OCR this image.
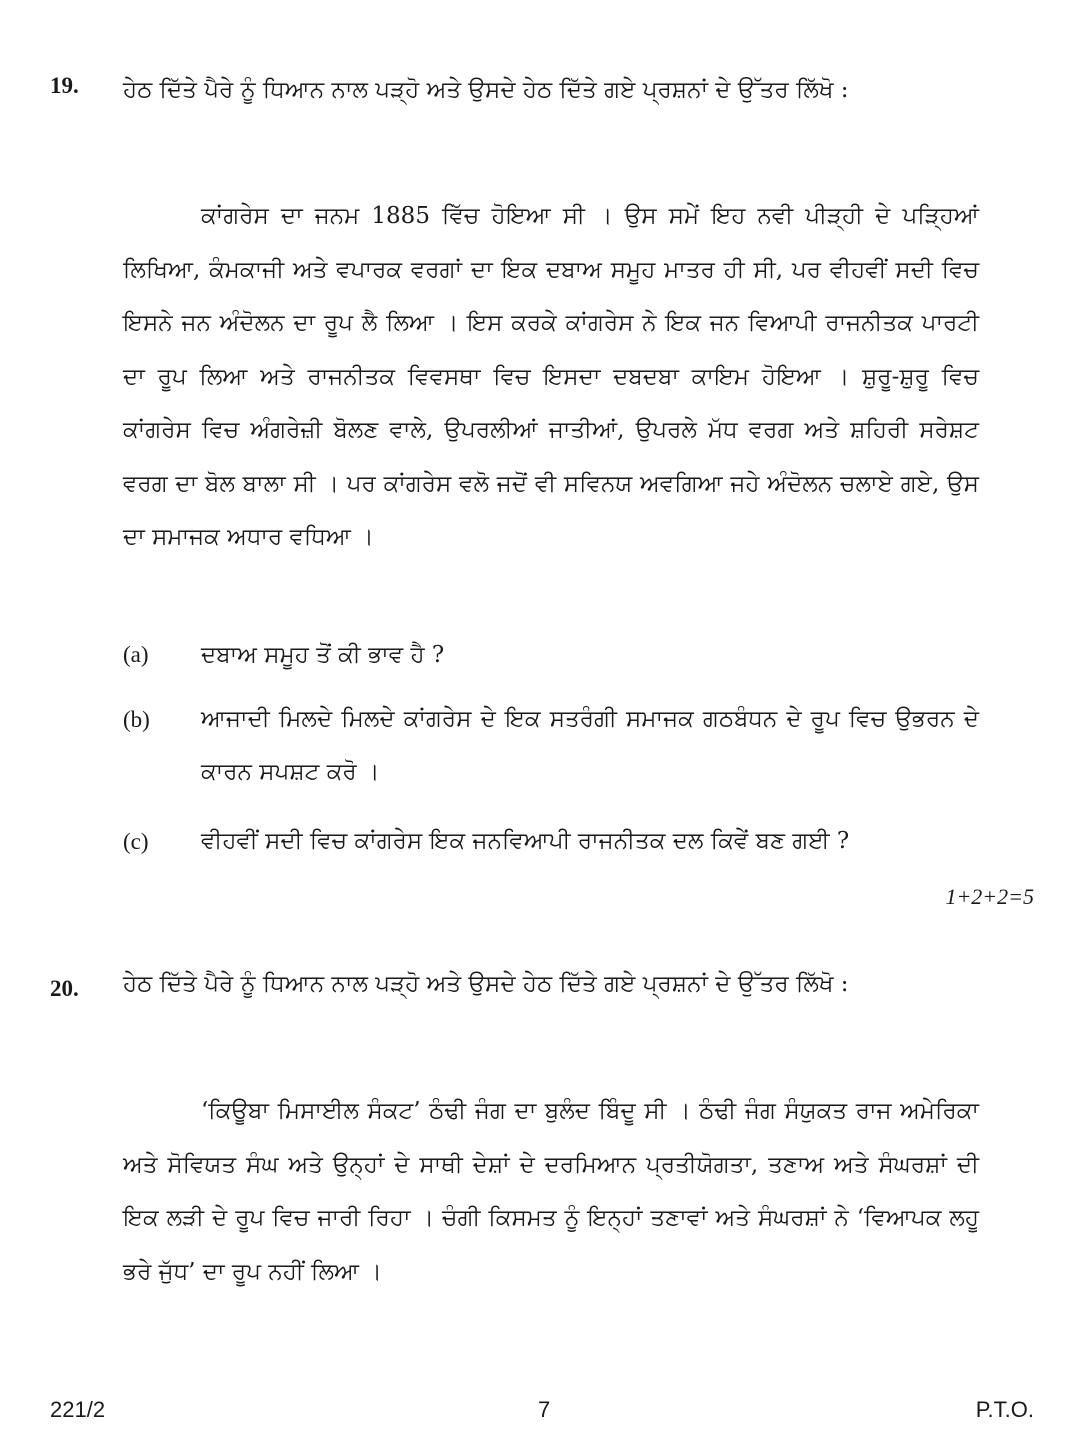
19. ਹੇਠ ਦਿੱਤੇ ਪੈਰੇ ਨੂੰ ਧਿਆਨ ਨਾਲ ਪੜ੍ਹੋ ਅਤੇ ਉਸਦੇ ਹੇਠ ਦਿੱਤੇ ਗਏ ਪ੍ਰਸ਼ਨਾਂ ਦੇ ਉੱਤਰ ਲਿੱਖੋ :
ਕਾਂਗਰੇਸ ਦਾ ਜਨਮ 1885 ਵਿੱਚ ਹੋਇਆ ਸੀ । ਉਸ ਸਮੇਂ ਇਹ ਨਵੀ ਪੀੜ੍ਹੀ ਦੇ ਪੜ੍ਹਿਆਂ ਲਿਖਿਆ, ਕੰਮਕਾਜੀ ਅਤੇ ਵਪਾਰਕ ਵਰਗਾਂ ਦਾ ਇਕ ਦਬਾਅ ਸਮੂਹ ਮਾਤਰ ਹੀ ਸੀ, ਪਰ ਵੀਹਵੀਂ ਸਦੀ ਵਿਚ ਇਸਨੇ ਜਨ ਅੰਦੋਲਨ ਦਾ ਰੂਪ ਲੈ ਲਿਆ । ਇਸ ਕਰਕੇ ਕਾਂਗਰੇਸ ਨੇ ਇਕ ਜਨ ਵਿਆਪੀ ਰਾਜਨੀਤਕ ਪਾਰਟੀ ਦਾ ਰੂਪ ਲਿਆ ਅਤੇ ਰਾਜਨੀਤਕ ਵਿਵਸਥਾ ਵਿਚ ਇਸਦਾ ਦਬਦਬਾ ਕਾਇਮ ਹੋਇਆ । ਸ਼ੁਰੂ-ਸ਼ੁਰੂ ਵਿਚ ਕਾਂਗਰੇਸ ਵਿਚ ਅੰਗਰੇਜ਼ੀ ਬੋਲਣ ਵਾਲੇ, ਉਪਰਲੀਆਂ ਜਾਤੀਆਂ, ਉਪਰਲੇ ਮੱਧ ਵਰਗ ਅਤੇ ਸ਼ਹਿਰੀ ਸਰੇਸ਼ਟ ਵਰਗ ਦਾ ਬੋਲ ਬਾਲਾ ਸੀ । ਪਰ ਕਾਂਗਰੇਸ ਵਲੋ ਜਦੋਂ ਵੀ ਸਵਿਨਯ ਅਵਗਿਆ ਜਹੇ ਅੰਦੋਲਨ ਚਲਾਏ ਗਏ, ਉਸ ਦਾ ਸਮਾਜਕ ਅਧਾਰ ਵਧਿਆ ।
(a)	ਦਬਾਅ ਸਮੂਹ ਤੋਂ ਕੀ ਭਾਵ ਹੈ ?
(b)	ਆਜਾਦੀ ਮਿਲਦੇ ਮਿਲਦੇ ਕਾਂਗਰੇਸ ਦੇ ਇਕ ਸਤਰੰਗੀ ਸਮਾਜਕ ਗਠਬੰਧਨ ਦੇ ਰੂਪ ਵਿਚ ਉਭਰਨ ਦੇ ਕਾਰਨ ਸਪਸ਼ਟ ਕਰੋ ।
(c)	ਵੀਹਵੀਂ ਸਦੀ ਵਿਚ ਕਾਂਗਰੇਸ ਇਕ ਜਨਵਿਆਪੀ ਰਾਜਨੀਤਕ ਦਲ ਕਿਵੇਂ ਬਣ ਗਈ ?
1+2+2=5
20. ਹੇਠ ਦਿੱਤੇ ਪੈਰੇ ਨੂੰ ਧਿਆਨ ਨਾਲ ਪੜ੍ਹੋ ਅਤੇ ਉਸਦੇ ਹੇਠ ਦਿੱਤੇ ਗਏ ਪ੍ਰਸ਼ਨਾਂ ਦੇ ਉੱਤਰ ਲਿੱਖੋ :
‘ਕਿਊਬਾ ਮਿਸਾਈਲ ਸੰਕਟ’ ਠੰਢੀ ਜੰਗ ਦਾ ਬੁਲੰਦ ਬਿੰਦੂ ਸੀ । ਠੰਢੀ ਜੰਗ ਸੰਯੁਕਤ ਰਾਜ ਅਮੇਰਿਕਾ ਅਤੇ ਸੋਵਿਯਤ ਸੰਘ ਅਤੇ ਉਨ੍ਹਾਂ ਦੇ ਸਾਥੀ ਦੇਸ਼ਾਂ ਦੇ ਦਰਮਿਆਨ ਪ੍ਰਤੀਯੋਗਤਾ, ਤਣਾਅ ਅਤੇ ਸੰਘਰਸ਼ਾਂ ਦੀ ਇਕ ਲੜੀ ਦੇ ਰੂਪ ਵਿਚ ਜਾਰੀ ਰਿਹਾ । ਚੰਗੀ ਕਿਸਮਤ ਨੂੰ ਇਨ੍ਹਾਂ ਤਣਾਵਾਂ ਅਤੇ ਸੰਘਰਸ਼ਾਂ ਨੇ ‘ਵਿਆਪਕ ਲਹੂ ਭਰੇ ਜੁੱਧ’ ਦਾ ਰੂਪ ਨਹੀਂ ਲਿਆ ।
221/2	7	P.T.O.
